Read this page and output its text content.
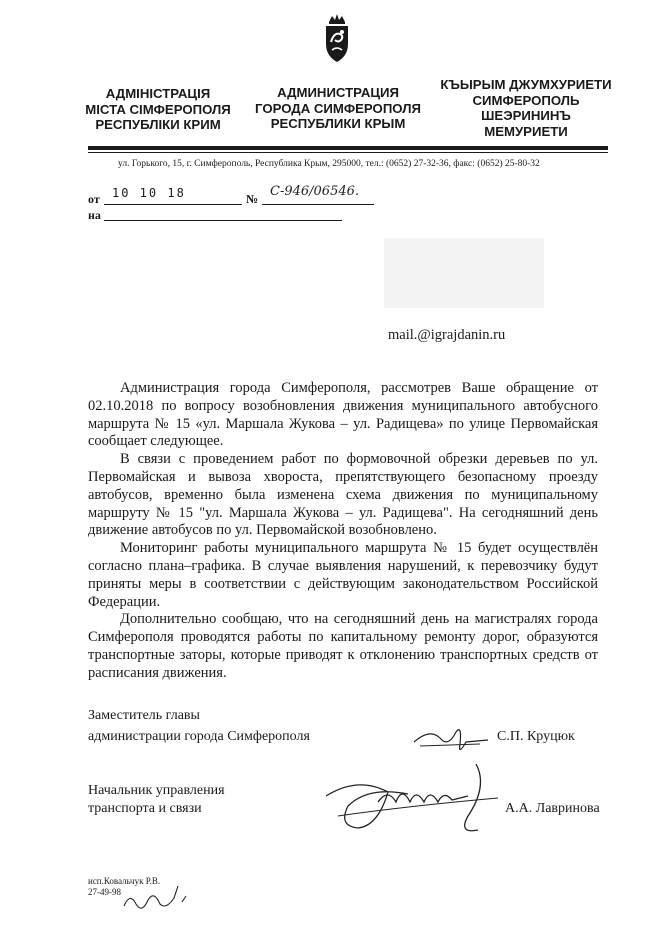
АДМІНІСТРАЦІЯ
МІСТА СІМФЕРОПОЛЯ
РЕСПУБЛІКИ КРИМ
АДМИНИСТРАЦИЯ
ГОРОДА СИМФЕРОПОЛЯ
РЕСПУБЛИКИ КРЫМ
КЪЫРЫМ ДЖУМХУРИЕТИ
СИМФЕРОПОЛЬ
ШЕЭРИНИНЪ
МЕМУРИЕТИ
ул. Горького, 15, г. Симферополь, Республика Крым, 295000, тел.: (0652) 27-32-36, факс: (0652) 25-80-32
от 10 10 18	№ С-946/06546.
на
mail.@igrajdanin.ru

Администрация города Симферополя, рассмотрев Ваше обращение от 02.10.2018 по вопросу возобновления движения муниципального автобусного маршрута № 15 «ул. Маршала Жукова – ул. Радищева» по улице Первомайская сообщает следующее.

В связи с проведением работ по формовочной обрезки деревьев по ул. Первомайская и вывоза хвороста, препятствующего безопасному проезду автобусов, временно была изменена схема движения по муниципальному маршруту № 15 "ул. Маршала Жукова – ул. Радищева". На сегодняшний день движение автобусов по ул. Первомайской возобновлено.

Мониторинг работы муниципального маршрута № 15 будет осуществлён согласно плана–графика. В случае выявления нарушений, к перевозчику будут приняты меры в соответствии с действующим законодательством Российской Федерации.

Дополнительно сообщаю, что на сегодняшний день на магистралях города Симферополя проводятся работы по капитальному ремонту дорог, образуются транспортные заторы, которые приводят к отклонению транспортных средств от расписания движения.

Заместитель главы
администрации города Симферополя	С.П. Круцюк
Начальник управления
транспорта и связи	А.А. Лавринова
исп.Ковальчук Р.В.
27-49-98
